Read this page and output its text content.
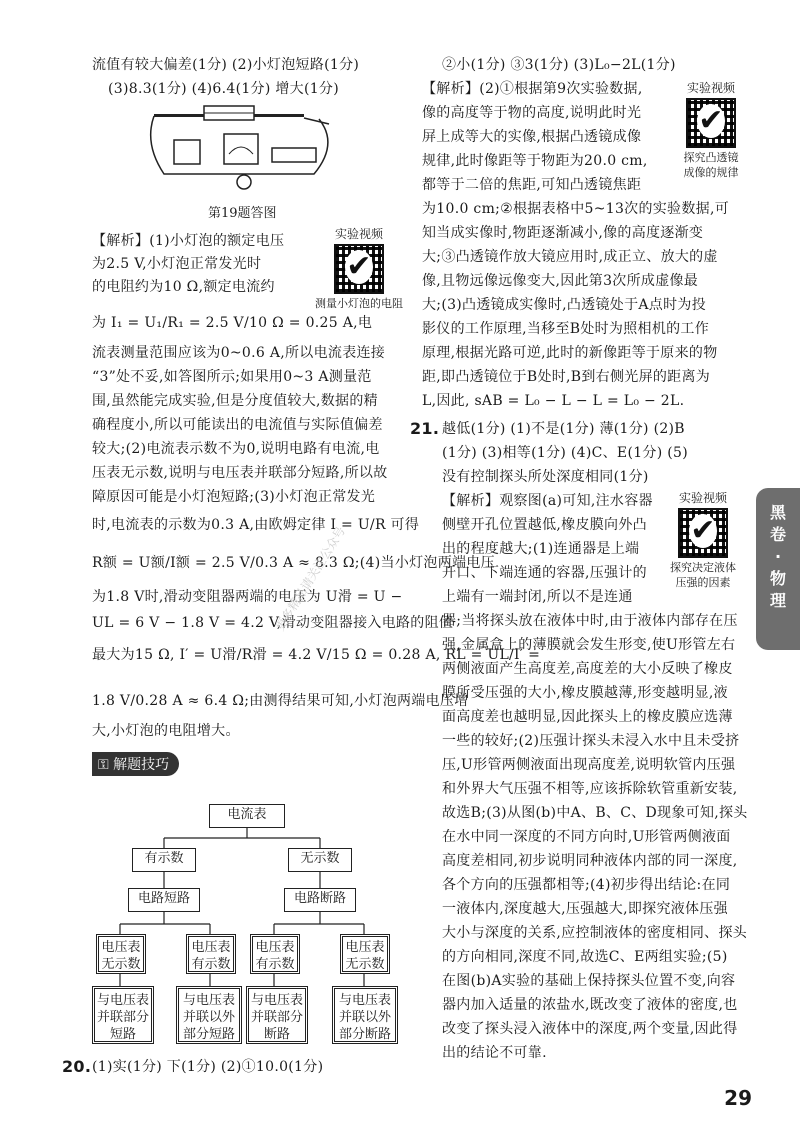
流值有较大偏差(1分) (2)小灯泡短路(1分)
(3)8.3(1分) (4)6.4(1分) 增大(1分)
第19题答图
【解析】(1)小灯泡的额定电压
为2.5 V,小灯泡正常发光时
的电阻约为10 Ω,额定电流约
为 I₁ = U₁/R₁ = 2.5 V/10 Ω = 0.25 A,电
流表测量范围应该为0~0.6 A,所以电流表连接
“3”处不妥,如答图所示;如果用0~3 A测量范
围,虽然能完成实验,但是分度值较大,数据的精
确程度小,所以可能读出的电流值与实际值偏差
较大;(2)电流表示数不为0,说明电路有电流,电
压表无示数,说明与电压表并联部分短路,所以故
障原因可能是小灯泡短路;(3)小灯泡正常发光
时,电流表的示数为0.3 A,由欧姆定律 I = U/R 可得
R额 = U额/I额 = 2.5 V/0.3 A ≈ 8.3 Ω;(4)当小灯泡两端电压
为1.8 V时,滑动变阻器两端的电压为 U滑 = U −
UL = 6 V − 1.8 V = 4.2 V,滑动变阻器接入电路的阻值
最大为15 Ω, I′ = U滑/R滑 = 4.2 V/15 Ω = 0.28 A, RL = UL/I′ =
1.8 V/0.28 A ≈ 6.4 Ω;由测得结果可知,小灯泡两端电压增
大,小灯泡的电阻增大。
实验视频
✔
测量小灯泡的电阻
⚿ 解题技巧
电流表
有示数	无示数
电路短路	电路断路
电压表
无示数
电压表
有示数
电压表
有示数
电压表
无示数
与电压表
并联部分
短路
与电压表
并联以外
部分短路
与电压表
并联部分
断路
与电压表
并联以外
部分断路
20. (1)实(1分) 下(1分) (2)①10.0(1分)
②小(1分) ③3(1分) (3)L₀−2L(1分)
【解析】(2)①根据第9次实验数据,
像的高度等于物的高度,说明此时光
屏上成等大的实像,根据凸透镜成像
规律,此时像距等于物距为20.0 cm,
都等于二倍的焦距,可知凸透镜焦距
为10.0 cm;②根据表格中5~13次的实验数据,可
知当成实像时,物距逐渐减小,像的高度逐渐变
大;③凸透镜作放大镜应用时,成正立、放大的虚
像,且物远像远像变大,因此第3次所成虚像最
大;(3)凸透镜成实像时,凸透镜处于A点时为投
影仪的工作原理,当移至B处时为照相机的工作
原理,根据光路可逆,此时的新像距等于原来的物
距,即凸透镜位于B处时,B到右侧光屏的距离为
L,因此, sAB = L₀ − L − L = L₀ − 2L.
实验视频
✔
探究凸透镜
成像的规律
21. 越低(1分) (1)不是(1分) 薄(1分) (2)B
(1分) (3)相等(1分) (4)C、E(1分) (5)
没有控制探头所处深度相同(1分)
【解析】观察图(a)可知,注水容器
侧壁开孔位置越低,橡皮膜向外凸
出的程度越大;(1)连通器是上端
开口、下端连通的容器,压强计的
上端有一端封闭,所以不是连通
器;当将探头放在液体中时,由于液体内部存在压
强,金属盒上的薄膜就会发生形变,使U形管左右
两侧液面产生高度差,高度差的大小反映了橡皮
膜所受压强的大小,橡皮膜越薄,形变越明显,液
面高度差也越明显,因此探头上的橡皮膜应选薄
一些的较好;(2)压强计探头未浸入水中且未受挤
压,U形管两侧液面出现高度差,说明软管内压强
和外界大气压强不相等,应该拆除软管重新安装,
故选B;(3)从图(b)中A、B、C、D现象可知,探头
在水中同一深度的不同方向时,U形管两侧液面
高度差相同,初步说明同种液体内部的同一深度,
各个方向的压强都相等;(4)初步得出结论:在同
一液体内,深度越大,压强越大,即探究液体压强
大小与深度的关系,应控制液体的密度相同、探头
的方向相同,深度不同,故选C、E两组实验;(5)
在图(b)A实验的基础上保持探头位置不变,向容
器内加入适量的浓盐水,既改变了液体的密度,也
改变了探头浸入液体中的深度,两个变量,因此得
出的结论不可靠.
实验视频
✔
探究决定液体
压强的因素
黑卷·物理
更多精品请关注公众号
29
